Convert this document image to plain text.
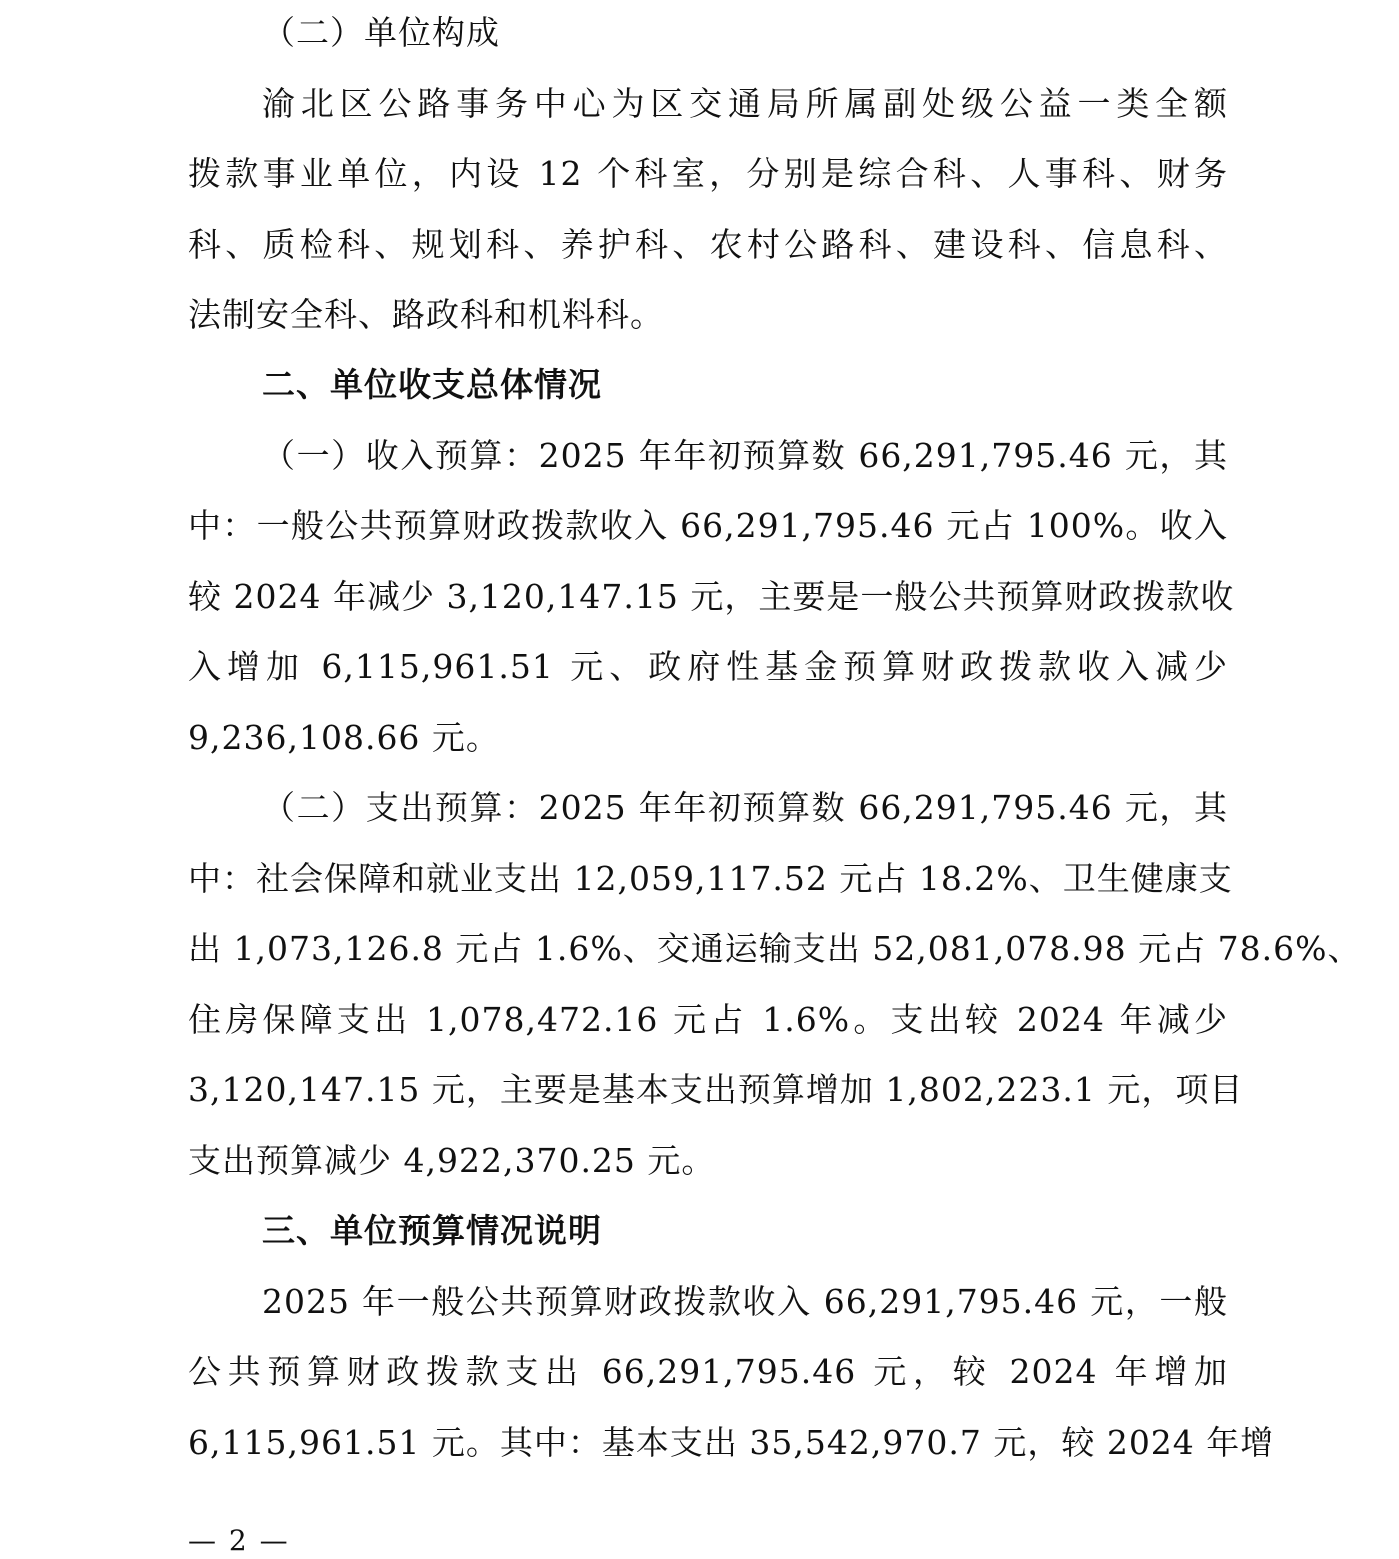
（二）单位构成
渝北区公路事务中心为区交通局所属副处级公益一类全额
拨款事业单位，内设 12 个科室，分别是综合科、人事科、财务
科、质检科、规划科、养护科、农村公路科、建设科、信息科、
法制安全科、路政科和机料科。
二、单位收支总体情况
（一）收入预算：2025 年年初预算数 66,291,795.46 元，其
中：一般公共预算财政拨款收入 66,291,795.46 元占 100%。收入
较 2024 年减少 3,120,147.15 元，主要是一般公共预算财政拨款收
入增加 6,115,961.51 元、政府性基金预算财政拨款收入减少
9,236,108.66 元。
（二）支出预算：2025 年年初预算数 66,291,795.46 元，其
中：社会保障和就业支出 12,059,117.52 元占 18.2%、卫生健康支
出 1,073,126.8 元占 1.6%、交通运输支出 52,081,078.98 元占 78.6%、
住房保障支出 1,078,472.16 元占 1.6%。支出较 2024 年减少
3,120,147.15 元，主要是基本支出预算增加 1,802,223.1 元，项目
支出预算减少 4,922,370.25 元。
三、单位预算情况说明
2025 年一般公共预算财政拨款收入 66,291,795.46 元，一般
公共预算财政拨款支出 66,291,795.46 元，较 2024 年增加
6,115,961.51 元。其中：基本支出 35,542,970.7 元，较 2024 年增
— 2 —
